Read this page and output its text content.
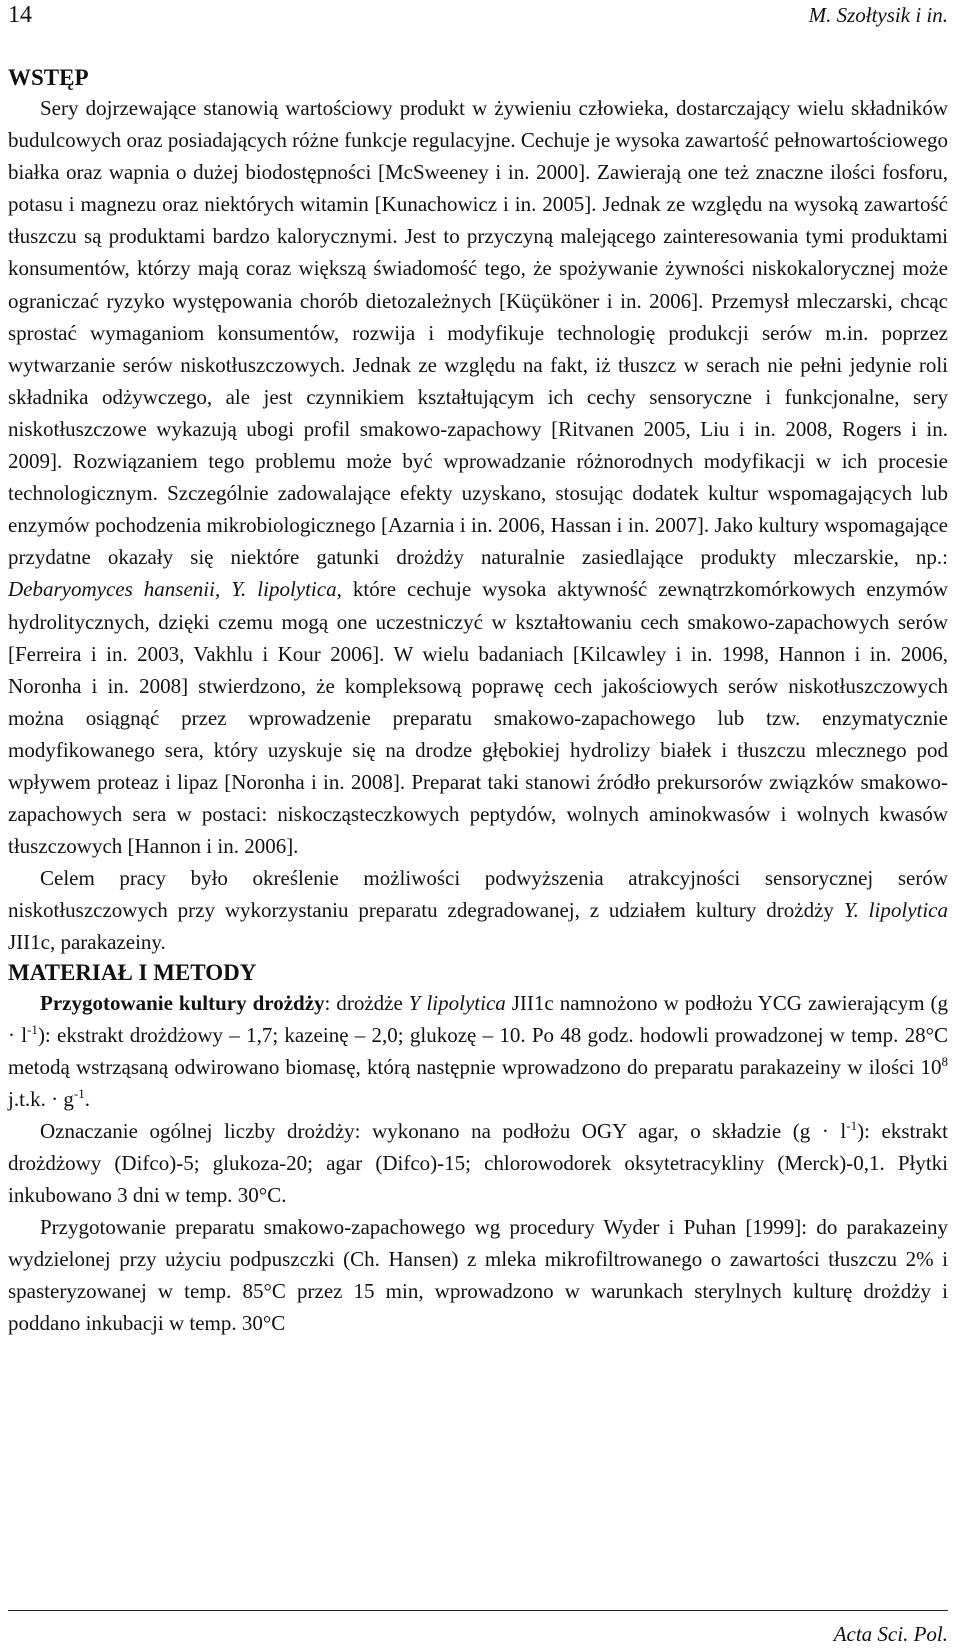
14	M. Szołtysik i in.
WSTĘP

Sery dojrzewające stanowią wartościowy produkt w żywieniu człowieka, dostarczający wielu składników budulcowych oraz posiadających różne funkcje regulacyjne. Cechuje je wysoka zawartość pełnowartościowego białka oraz wapnia o dużej biodostępności [McSweeney i in. 2000]. Zawierają one też znaczne ilości fosforu, potasu i magnezu oraz niektórych witamin [Kunachowicz i in. 2005]. Jednak ze względu na wysoką zawartość tłuszczu są produktami bardzo kalorycznymi. Jest to przyczyną malejącego zainteresowania tymi produktami konsumentów, którzy mają coraz większą świadomość tego, że spożywanie żywności niskokalorycznej może ograniczać ryzyko występowania chorób dietozależnych [Küçüköner i in. 2006]. Przemysł mleczarski, chcąc sprostać wymaganiom konsumentów, rozwija i modyfikuje technologię produkcji serów m.in. poprzez wytwarzanie serów niskotłuszczowych. Jednak ze względu na fakt, iż tłuszcz w serach nie pełni jedynie roli składnika odżywczego, ale jest czynnikiem kształtującym ich cechy sensoryczne i funkcjonalne, sery niskotłuszczowe wykazują ubogi profil smakowo-zapachowy [Ritvanen 2005, Liu i in. 2008, Rogers i in. 2009]. Rozwiązaniem tego problemu może być wprowadzanie różnorodnych modyfikacji w ich procesie technologicznym. Szczególnie zadowalające efekty uzyskano, stosując dodatek kultur wspomagających lub enzymów pochodzenia mikrobiologicznego [Azarnia i in. 2006, Hassan i in. 2007]. Jako kultury wspomagające przydatne okazały się niektóre gatunki drożdży naturalnie zasiedlające produkty mleczarskie, np.: Debaryomyces hansenii, Y. lipolytica, które cechuje wysoka aktywność zewnątrzkomórkowych enzymów hydrolitycznych, dzięki czemu mogą one uczestniczyć w kształtowaniu cech smakowo-zapachowych serów [Ferreira i in. 2003, Vakhlu i Kour 2006]. W wielu badaniach [Kilcawley i in. 1998, Hannon i in. 2006, Noronha i in. 2008] stwierdzono, że kompleksową poprawę cech jakościowych serów niskotłuszczowych można osiągnąć przez wprowadzenie preparatu smakowo-zapachowego lub tzw. enzymatycznie modyfikowanego sera, który uzyskuje się na drodze głębokiej hydrolizy białek i tłuszczu mlecznego pod wpływem proteaz i lipaz [Noronha i in. 2008]. Preparat taki stanowi źródło prekursorów związków smakowo-zapachowych sera w postaci: niskocząsteczkowych peptydów, wolnych aminokwasów i wolnych kwasów tłuszczowych [Hannon i in. 2006].

Celem pracy było określenie możliwości podwyższenia atrakcyjności sensorycznej serów niskotłuszczowych przy wykorzystaniu preparatu zdegradowanej, z udziałem kultury drożdży Y. lipolytica JII1c, parakazeiny.

MATERIAŁ I METODY

Przygotowanie kultury drożdży: drożdże Y lipolytica JII1c namnożono w podłożu YCG zawierającym $(g \cdot l^{-1})$: ekstrakt drożdżowy – 1,7; kazeinę – 2,0; glukozę – 10. Po 48 godz. hodowli prowadzonej w temp. 28°C metodą wstrząsaną odwirowano biomasę, którą następnie wprowadzono do preparatu parakazeiny w ilości $10^8$ j.t.k. · $g^{-1}$.

Oznaczanie ogólnej liczby drożdży: wykonano na podłożu OGY agar, o składzie $(g \cdot l^{-1})$: ekstrakt drożdżowy (Difco)-5; glukoza-20; agar (Difco)-15; chlorowodorek oksytetracykliny (Merck)-0,1. Płytki inkubowano 3 dni w temp. 30°C.

Przygotowanie preparatu smakowo-zapachowego wg procedury Wyder i Puhan [1999]: do parakazeiny wydzielonej przy użyciu podpuszczki (Ch. Hansen) z mleka mikrofiltrowanego o zawartości tłuszczu 2% i spasteryzowanej w temp. 85°C przez 15 min, wprowadzono w warunkach sterylnych kulturę drożdży i poddano inkubacji w temp. 30°C

Acta Sci. Pol.
